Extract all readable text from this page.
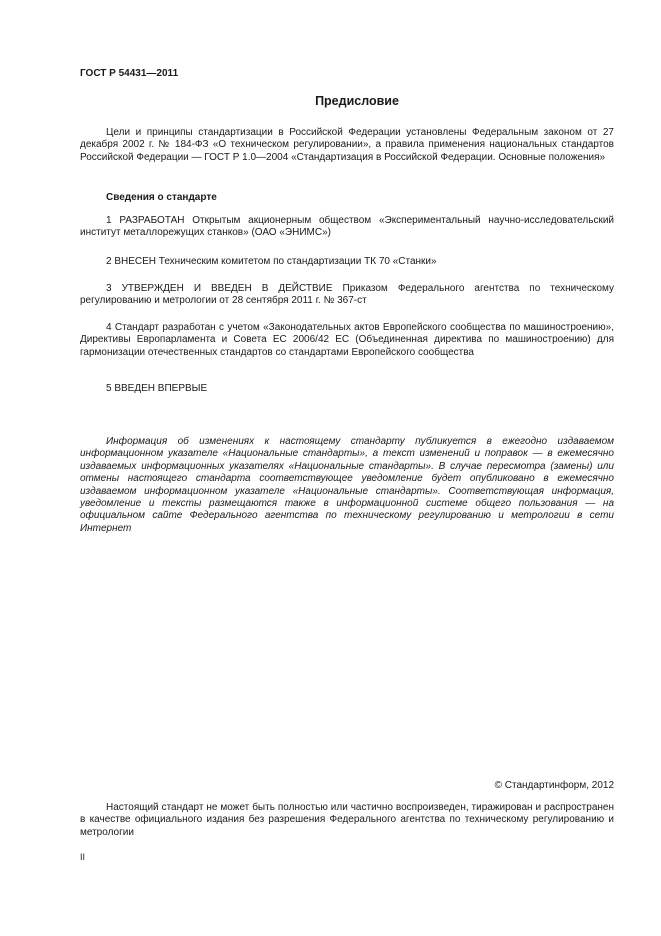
ГОСТ Р 54431—2011
Предисловие

Цели и принципы стандартизации в Российской Федерации установлены Федеральным законом от 27 декабря 2002 г. № 184-ФЗ «О техническом регулировании», а правила применения национальных стандартов Российской Федерации — ГОСТ Р 1.0—2004 «Стандартизация в Российской Федерации. Основные положения»

Сведения о стандарте

1 РАЗРАБОТАН Открытым акционерным обществом «Экспериментальный научно-исследовательский институт металлорежущих станков» (ОАО «ЭНИМС»)

2 ВНЕСЕН Техническим комитетом по стандартизации ТК 70 «Станки»

3 УТВЕРЖДЕН И ВВЕДЕН В ДЕЙСТВИЕ Приказом Федерального агентства по техническому регулированию и метрологии от 28 сентября 2011 г. № 367-ст

4 Стандарт разработан с учетом «Законодательных актов Европейского сообщества по машиностроению», Директивы Европарламента и Совета ЕС 2006/42 ЕС (Объединенная директива по машиностроению) для гармонизации отечественных стандартов со стандартами Европейского сообщества

5 ВВЕДЕН ВПЕРВЫЕ

Информация об изменениях к настоящему стандарту публикуется в ежегодно издаваемом информационном указателе «Национальные стандарты», а текст изменений и поправок — в ежемесячно издаваемых информационных указателях «Национальные стандарты». В случае пересмотра (замены) или отмены настоящего стандарта соответствующее уведомление будет опубликовано в ежемесячно издаваемом информационном указателе «Национальные стандарты». Соответствующая информация, уведомление и тексты размещаются также в информационной системе общего пользования — на официальном сайте Федерального агентства по техническому регулированию и метрологии в сети Интернет

© Стандартинформ, 2012

Настоящий стандарт не может быть полностью или частично воспроизведен, тиражирован и распространен в качестве официального издания без разрешения Федерального агентства по техническому регулированию и метрологии

II
